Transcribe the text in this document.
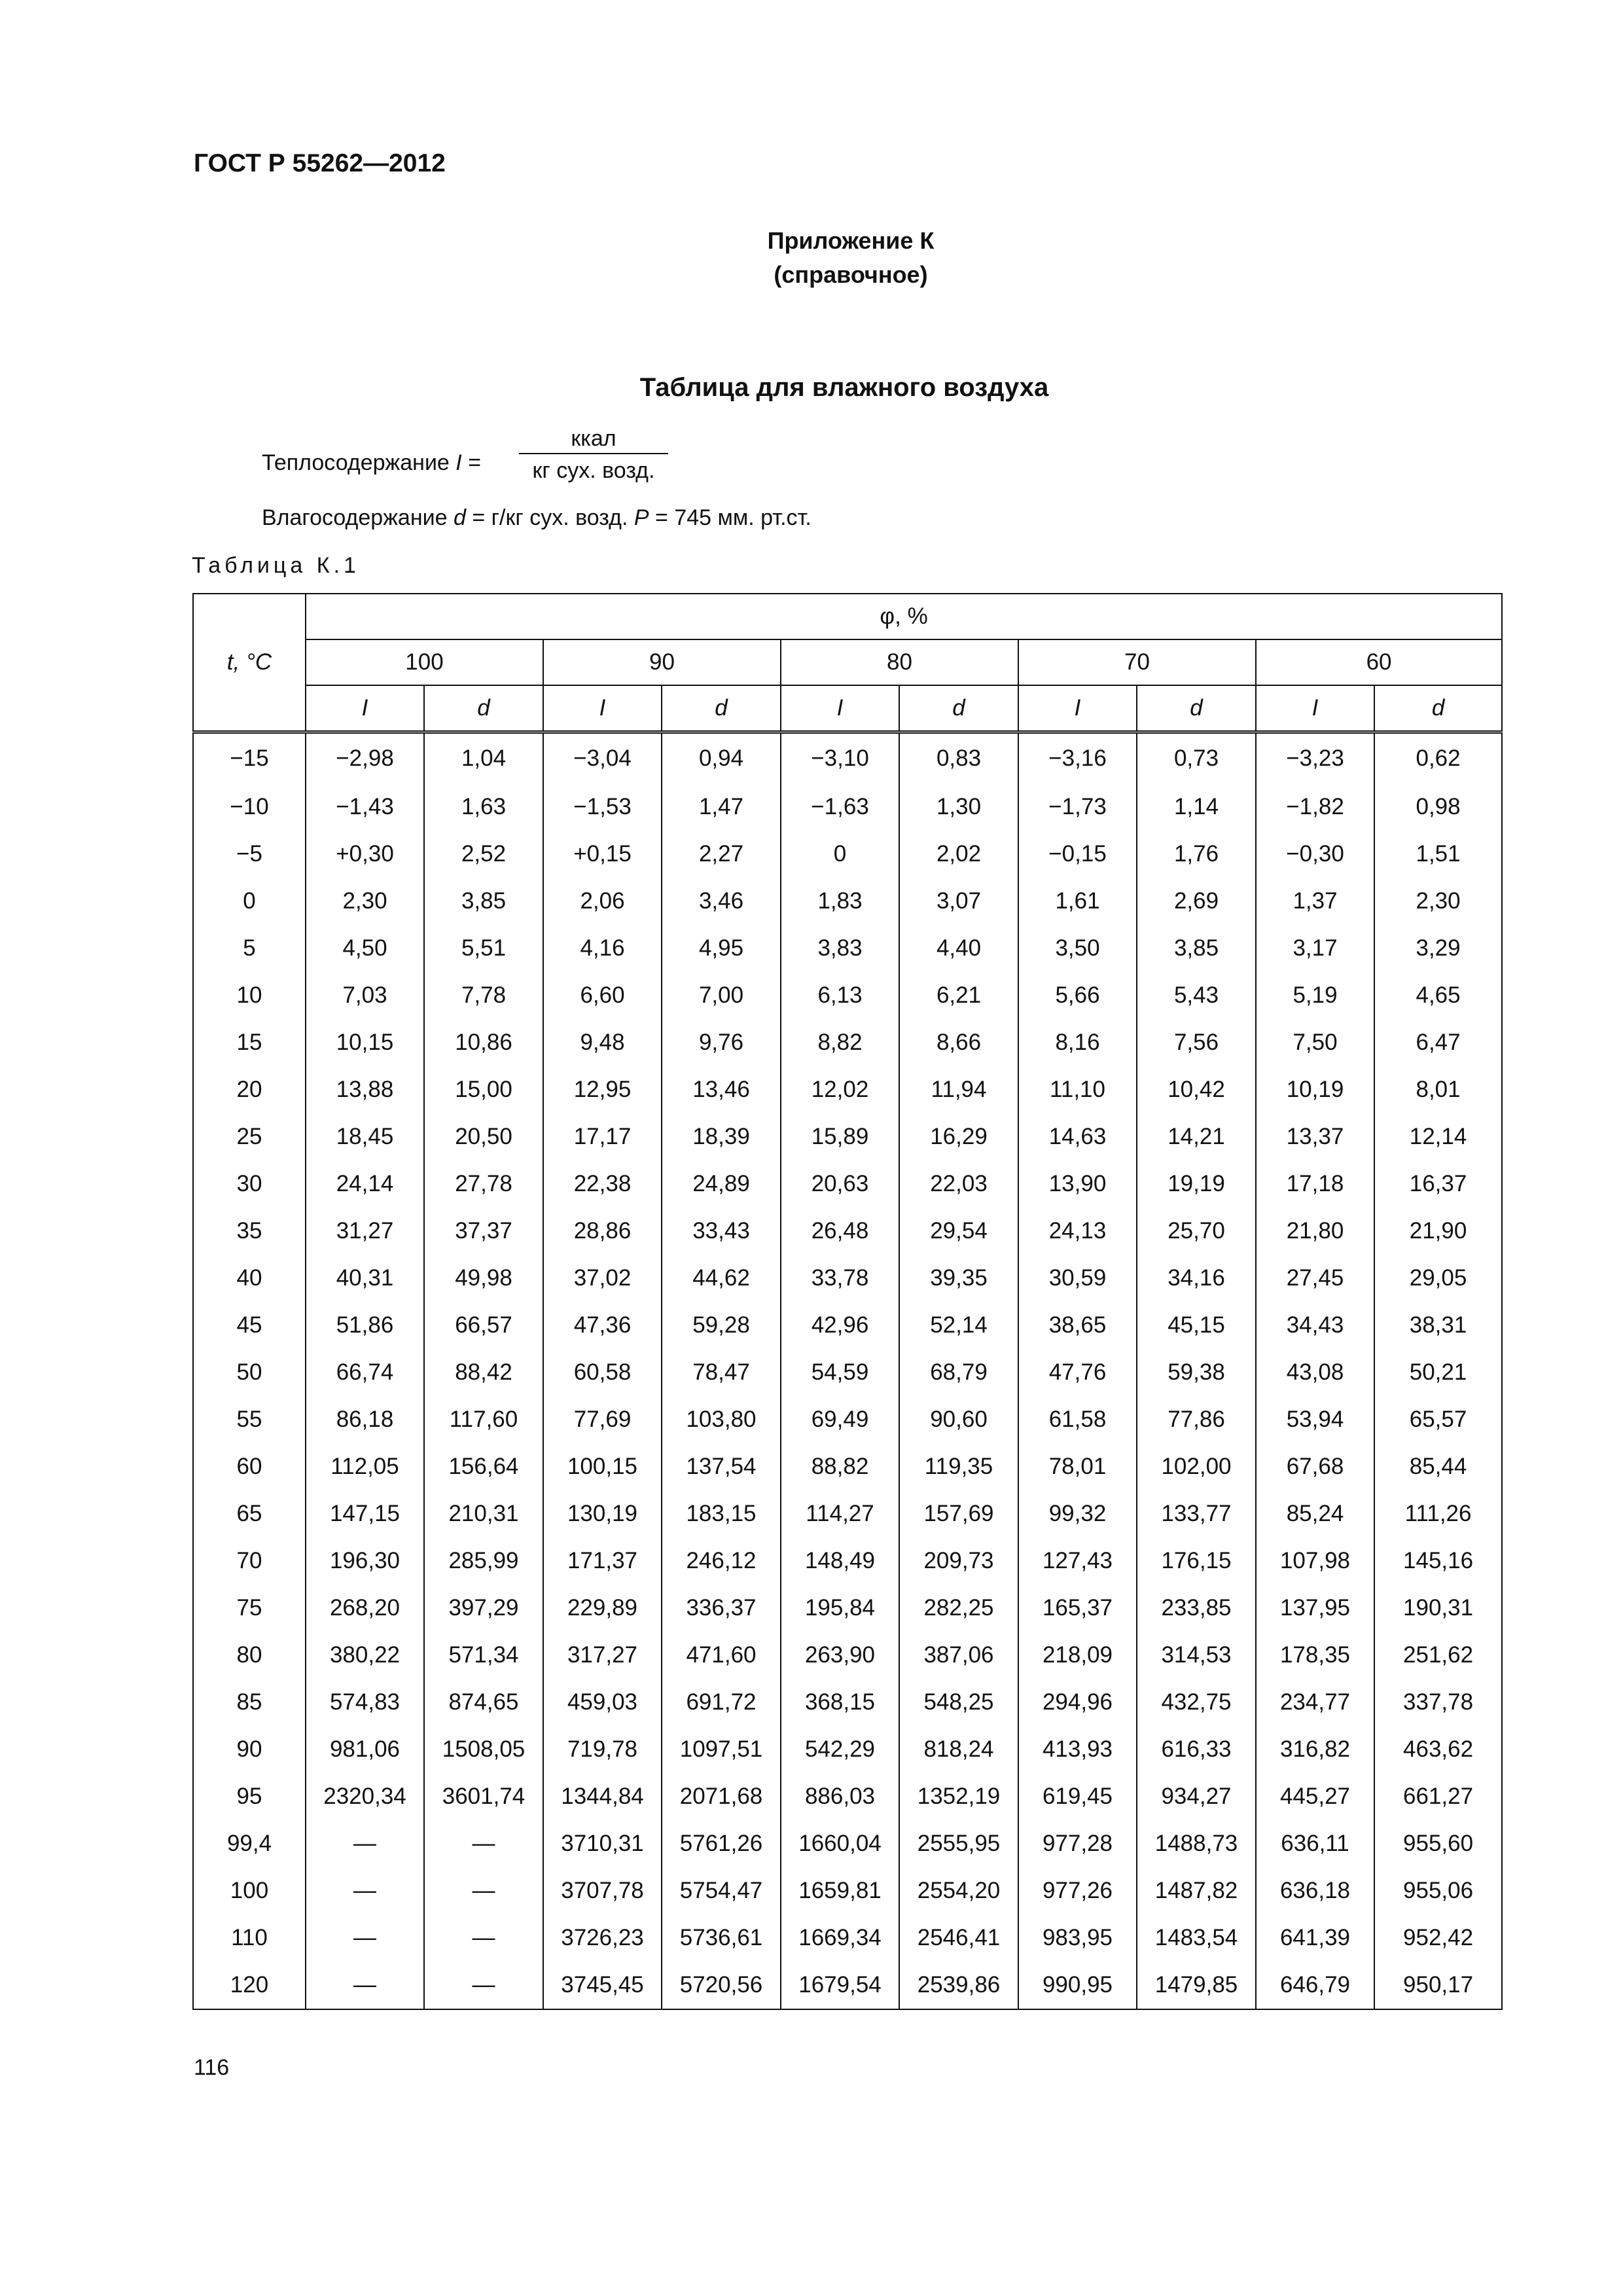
ГОСТ Р 55262—2012
Приложение К
(справочное)
Таблица для влажного воздуха
Теплосодержание I =
ккал
кг сух. возд.
Влагосодержание d = г/кг сух. возд. P = 745 мм. рт.ст.
Таблица К.1
t, °C	φ, %									
	100		90		80		70		60	
	I	d	I	d	I	d	I	d	I	d
−15	−2,98	1,04	−3,04	0,94	−3,10	0,83	−3,16	0,73	−3,23	0,62
−10	−1,43	1,63	−1,53	1,47	−1,63	1,30	−1,73	1,14	−1,82	0,98
−5	+0,30	2,52	+0,15	2,27	0	2,02	−0,15	1,76	−0,30	1,51
0	2,30	3,85	2,06	3,46	1,83	3,07	1,61	2,69	1,37	2,30
5	4,50	5,51	4,16	4,95	3,83	4,40	3,50	3,85	3,17	3,29
10	7,03	7,78	6,60	7,00	6,13	6,21	5,66	5,43	5,19	4,65
15	10,15	10,86	9,48	9,76	8,82	8,66	8,16	7,56	7,50	6,47
20	13,88	15,00	12,95	13,46	12,02	11,94	11,10	10,42	10,19	8,01
25	18,45	20,50	17,17	18,39	15,89	16,29	14,63	14,21	13,37	12,14
30	24,14	27,78	22,38	24,89	20,63	22,03	13,90	19,19	17,18	16,37
35	31,27	37,37	28,86	33,43	26,48	29,54	24,13	25,70	21,80	21,90
40	40,31	49,98	37,02	44,62	33,78	39,35	30,59	34,16	27,45	29,05
45	51,86	66,57	47,36	59,28	42,96	52,14	38,65	45,15	34,43	38,31
50	66,74	88,42	60,58	78,47	54,59	68,79	47,76	59,38	43,08	50,21
55	86,18	117,60	77,69	103,80	69,49	90,60	61,58	77,86	53,94	65,57
60	112,05	156,64	100,15	137,54	88,82	119,35	78,01	102,00	67,68	85,44
65	147,15	210,31	130,19	183,15	114,27	157,69	99,32	133,77	85,24	111,26
70	196,30	285,99	171,37	246,12	148,49	209,73	127,43	176,15	107,98	145,16
75	268,20	397,29	229,89	336,37	195,84	282,25	165,37	233,85	137,95	190,31
80	380,22	571,34	317,27	471,60	263,90	387,06	218,09	314,53	178,35	251,62
85	574,83	874,65	459,03	691,72	368,15	548,25	294,96	432,75	234,77	337,78
90	981,06	1508,05	719,78	1097,51	542,29	818,24	413,93	616,33	316,82	463,62
95	2320,34	3601,74	1344,84	2071,68	886,03	1352,19	619,45	934,27	445,27	661,27
99,4	—	—	3710,31	5761,26	1660,04	2555,95	977,28	1488,73	636,11	955,60
100	—	—	3707,78	5754,47	1659,81	2554,20	977,26	1487,82	636,18	955,06
110	—	—	3726,23	5736,61	1669,34	2546,41	983,95	1483,54	641,39	952,42
120	—	—	3745,45	5720,56	1679,54	2539,86	990,95	1479,85	646,79	950,17
116
